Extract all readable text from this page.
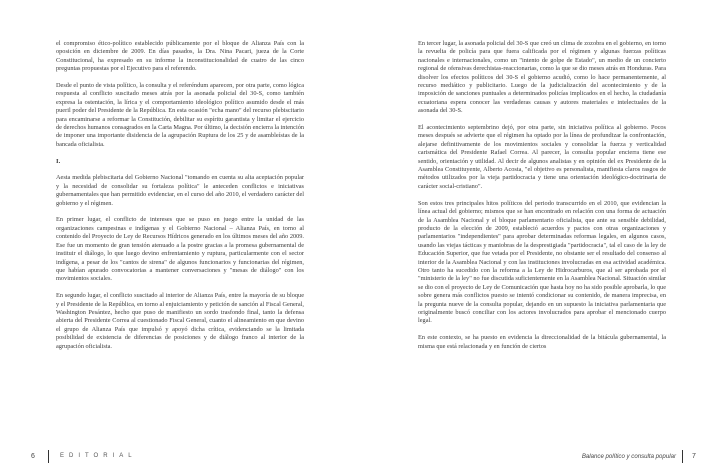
el compromiso ético-político establecido públicamente por el bloque de Alianza País con la oposición en diciembre de 2009. En días pasados, la Dra. Nina Pacari, jueza de la Corte Constitucional, ha expresado en su informe la inconstitucionalidad de cuatro de las cinco preguntas propuestas por el Ejecutivo para el referendo.

Desde el punto de vista político, la consulta y el referéndum aparecen, por otra parte, como lógica respuesta al conflicto suscitado meses atrás por la asonada policial del 30-S, como también expresa la ostentación, la lírica y el comportamiento ideológico político asumido desde el más pueril poder del Presidente de la República. En esta ocasión "echa mano" del recurso plebiscitario para encaminarse a reformar la Constitución, debilitar su espíritu garantista y limitar el ejercicio de derechos humanos consagrados en la Carta Magna. Por último, la decisión encierra la intención de imponer una importante disidencia de la agrupación Ruptura de los 25 y de asambleístas de la bancada oficialista.

I.

Aesta medida plebiscitaria del Gobierno Nacional "tomando en cuenta su alta aceptación popular y la necesidad de consolidar su fortaleza política" le anteceden conflictos e iniciativas gubernamentales que han permitido evidenciar, en el curso del año 2010, el verdadero carácter del gobierno y el régimen.

En primer lugar, el conflicto de intereses que se puso en juego entre la unidad de las organizaciones campesinas e indígenas y el Gobierno Nacional – Alianza País, en torno al contenido del Proyecto de Ley de Recursos Hídricos generado en los últimos meses del año 2009. Ese fue un momento de gran tensión atenuado a la postre gracias a la promesa gubernamental de instituir el diálogo, lo que luego devino enfrentamiento y ruptura, particularmente con el sector indígena, a pesar de los "cantos de sirena" de algunos funcionarios y funcionarias del régimen, que habían apurado convocatorias a mantener conversaciones y "mesas de diálogo" con los movimientos sociales.

En segundo lugar, el conflicto suscitado al interior de Alianza País, entre la mayoría de su bloque y el Presidente de la República, en torno al enjuiciamiento y petición de sanción al Fiscal General, Washington Pesántez, hecho que puso de manifiesto un sordo trasfondo final, tanto la defensa abierta del Presidente Correa al cuestionado Fiscal General, cuanto el alineamiento en que devino el grupo de Alianza País que impulsó y apoyó dicha crítica, evidenciando se la limitada posibilidad de existencia de diferencias de posiciones y de diálogo franco al interior de la agrupación oficialista.

En tercer lugar, la asonada policial del 30-S que creó un clima de zozobra en el gobierno, en torno la revuelta de policía para que fuera calificada por el régimen y algunas fuerzas políticas nacionales e internacionales, como un "intento de golpe de Estado", un medio de un concierto regional de ofensivas derechistas-reaccionarias, como la que se dio meses atrás en Honduras. Para disolver los efectos políticos del 30-S el gobierno acudió, como lo hace permanentemente, al recurso mediático y publicitario. Luego de la judicialización del acontecimiento y de la imposición de sanciones puntuales a determinados policías implicados en el hecho, la ciudadanía ecuatoriana espera conocer las verdaderas causas y autores materiales e intelectuales de la asonada del 30-S.

El acontecimiento septembrino dejó, por otra parte, sin iniciativa política al gobierno. Pocos meses después se advierte que el régimen ha optado por la línea de profundizar la confrontación, alejarse definitivamente de los movimientos sociales y consolidar la fuerza y verticalidad carismática del Presidente Rafael Correa. Al parecer, la consulta popular encierra tiene ese sentido, orientación y utilidad. Al decir de algunos analistas y en opinión del ex Presidente de la Asamblea Constituyente, Alberto Acosta, "el objetivo es personalista, manifiesta claros rasgos de métodos utilizados por la vieja partidocracia y tiene una orientación ideológico-doctrinaria de carácter social-cristiano".

Son estos tres principales hitos políticos del periodo transcurrido en el 2010, que evidencian la línea actual del gobierno; mismos que se han encontrado en relación con una forma de actuación de la Asamblea Nacional y el bloque parlamentario oficialista, que ante su sensible debilidad, producto de la elección de 2009, estableció acuerdos y pactos con otras organizaciones y parlamentarios "independientes" para aprobar determinadas reformas legales, en algunos casos, usando las viejas tácticas y maniobras de la desprestigiada "partidocracia", tal el caso de la ley de Educación Superior, que fue vetada por el Presidente, no obstante ser el resultado del consenso al interior de la Asamblea Nacional y con las instituciones involucradas en esa actividad académica. Otro tanto ha sucedido con la reforma a la Ley de Hidrocarburos, que al ser aprobada por el "ministerio de la ley" no fue discutida suficientemente en la Asamblea Nacional. Situación similar se dio con el proyecto de Ley de Comunicación que hasta hoy no ha sido posible aprobarla, lo que sobre genera más conflictos puesto se intentó condicionar su contenido, de manera imprecisa, en la pregunta nueve de la consulta popular, dejando en un supuesto la iniciativa parlamentaria que originalmente buscó conciliar con los actores involucrados para aprobar el mencionado cuerpo legal.

En este contexto, se ha puesto en evidencia la direccionalidad de la bitácula gubernamental, la misma que está relacionada y en función de ciertos

6	EDITORIAL	Balance político y consulta popular 7
